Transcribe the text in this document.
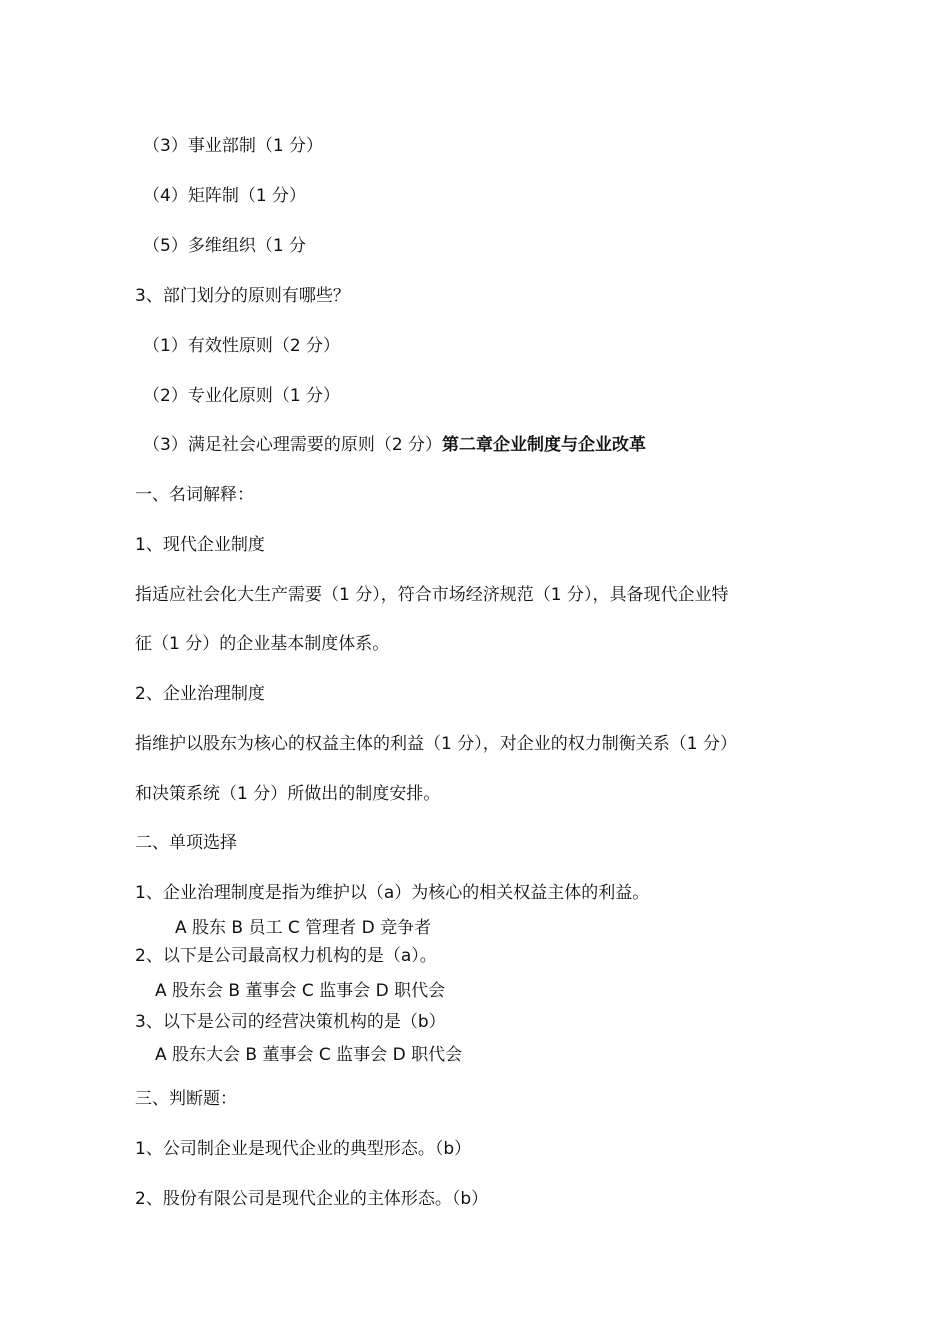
（3）事业部制（1 分）

（4）矩阵制（1 分）

（5）多维组织（1 分

3、部门划分的原则有哪些？

（1）有效性原则（2 分）

（2）专业化原则（1 分）

（3）满足社会心理需要的原则（2 分）第二章企业制度与企业改革

一、名词解释：

1、现代企业制度

指适应社会化大生产需要（1 分），符合市场经济规范（1 分），具备现代企业特

征（1 分）的企业基本制度体系。

2、企业治理制度

指维护以股东为核心的权益主体的利益（1 分），对企业的权力制衡关系（1 分）

和决策系统（1 分）所做出的制度安排。

二、单项选择

1、企业治理制度是指为维护以（a）为核心的相关权益主体的利益。

A 股东 B 员工 C 管理者 D 竞争者

2、以下是公司最高权力机构的是（a）。

A 股东会 B 董事会 C 监事会 D 职代会

3、以下是公司的经营决策机构的是（b）

A 股东大会 B 董事会 C 监事会 D 职代会

三、判断题：

1、公司制企业是现代企业的典型形态。（b）

2、股份有限公司是现代企业的主体形态。（b）
